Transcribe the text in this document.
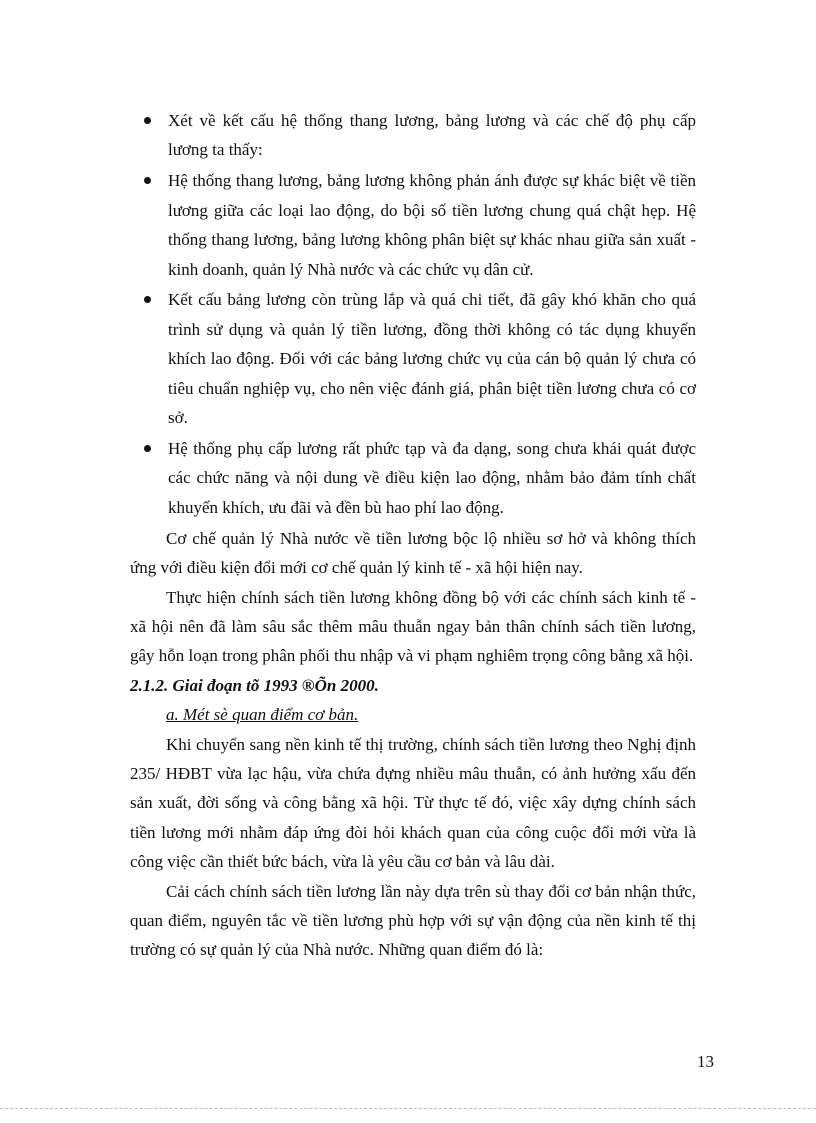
Xét về kết cấu hệ thống thang lương, bảng lương và các chế độ phụ cấp lương ta thấy:
Hệ thống thang lương, bảng lương không phản ánh được sự khác biệt về tiền lương giữa các loại lao động, do bội số tiền lương chung quá chật hẹp. Hệ thống thang lương, bảng lương không phân biệt sự khác nhau giữa sản xuất - kinh doanh, quản lý Nhà nước và các chức vụ dân cử.
Kết cấu bảng lương còn trùng lắp và quá chi tiết, đã gây khó khăn cho quá trình sử dụng và quản lý tiền lương, đồng thời không có tác dụng khuyến khích lao động. Đối với các bảng lương chức vụ của cán bộ quản lý chưa có tiêu chuẩn nghiệp vụ, cho nên việc đánh giá, phân biệt tiền lương chưa có cơ sở.
Hệ thống phụ cấp lương rất phức tạp và đa dạng, song chưa khái quát được các chức năng và nội dung về điều kiện lao động, nhằm bảo đảm tính chất khuyến khích, ưu đãi và đền bù hao phí lao động.

Cơ chế quản lý Nhà nước về tiền lương bộc lộ nhiều sơ hở và không thích ứng với điều kiện đổi mới cơ chế quản lý kinh tế - xã hội hiện nay.

Thực hiện chính sách tiền lương không đồng bộ với các chính sách kinh tế - xã hội nên đã làm sâu sắc thêm mâu thuẫn ngay bản thân chính sách tiền lương, gây hỗn loạn trong phân phối thu nhập và vi phạm nghiêm trọng công bằng xã hội.

2.1.2. Giai đoạn tõ 1993 ®Õn 2000.

a. Mét sè quan điểm cơ bản.

Khi chuyển sang nền kinh tế thị trường, chính sách tiền lương theo Nghị định 235/ HĐBT vừa lạc hậu, vừa chứa đựng nhiều mâu thuẫn, có ảnh hưởng xấu đến sản xuất, đời sống và công bằng xã hội. Từ thực tế đó, việc xây dựng chính sách tiền lương mới nhằm đáp ứng đòi hỏi khách quan của công cuộc đổi mới vừa là công việc cần thiết bức bách, vừa là yêu cầu cơ bản và lâu dài.

Cải cách chính sách tiền lương lần này dựa trên sù thay đổi cơ bản nhận thức, quan điểm, nguyên tắc về tiền lương phù hợp với sự vận động của nền kinh tế thị trường có sự quản lý của Nhà nước. Những quan điểm đó là:

13
